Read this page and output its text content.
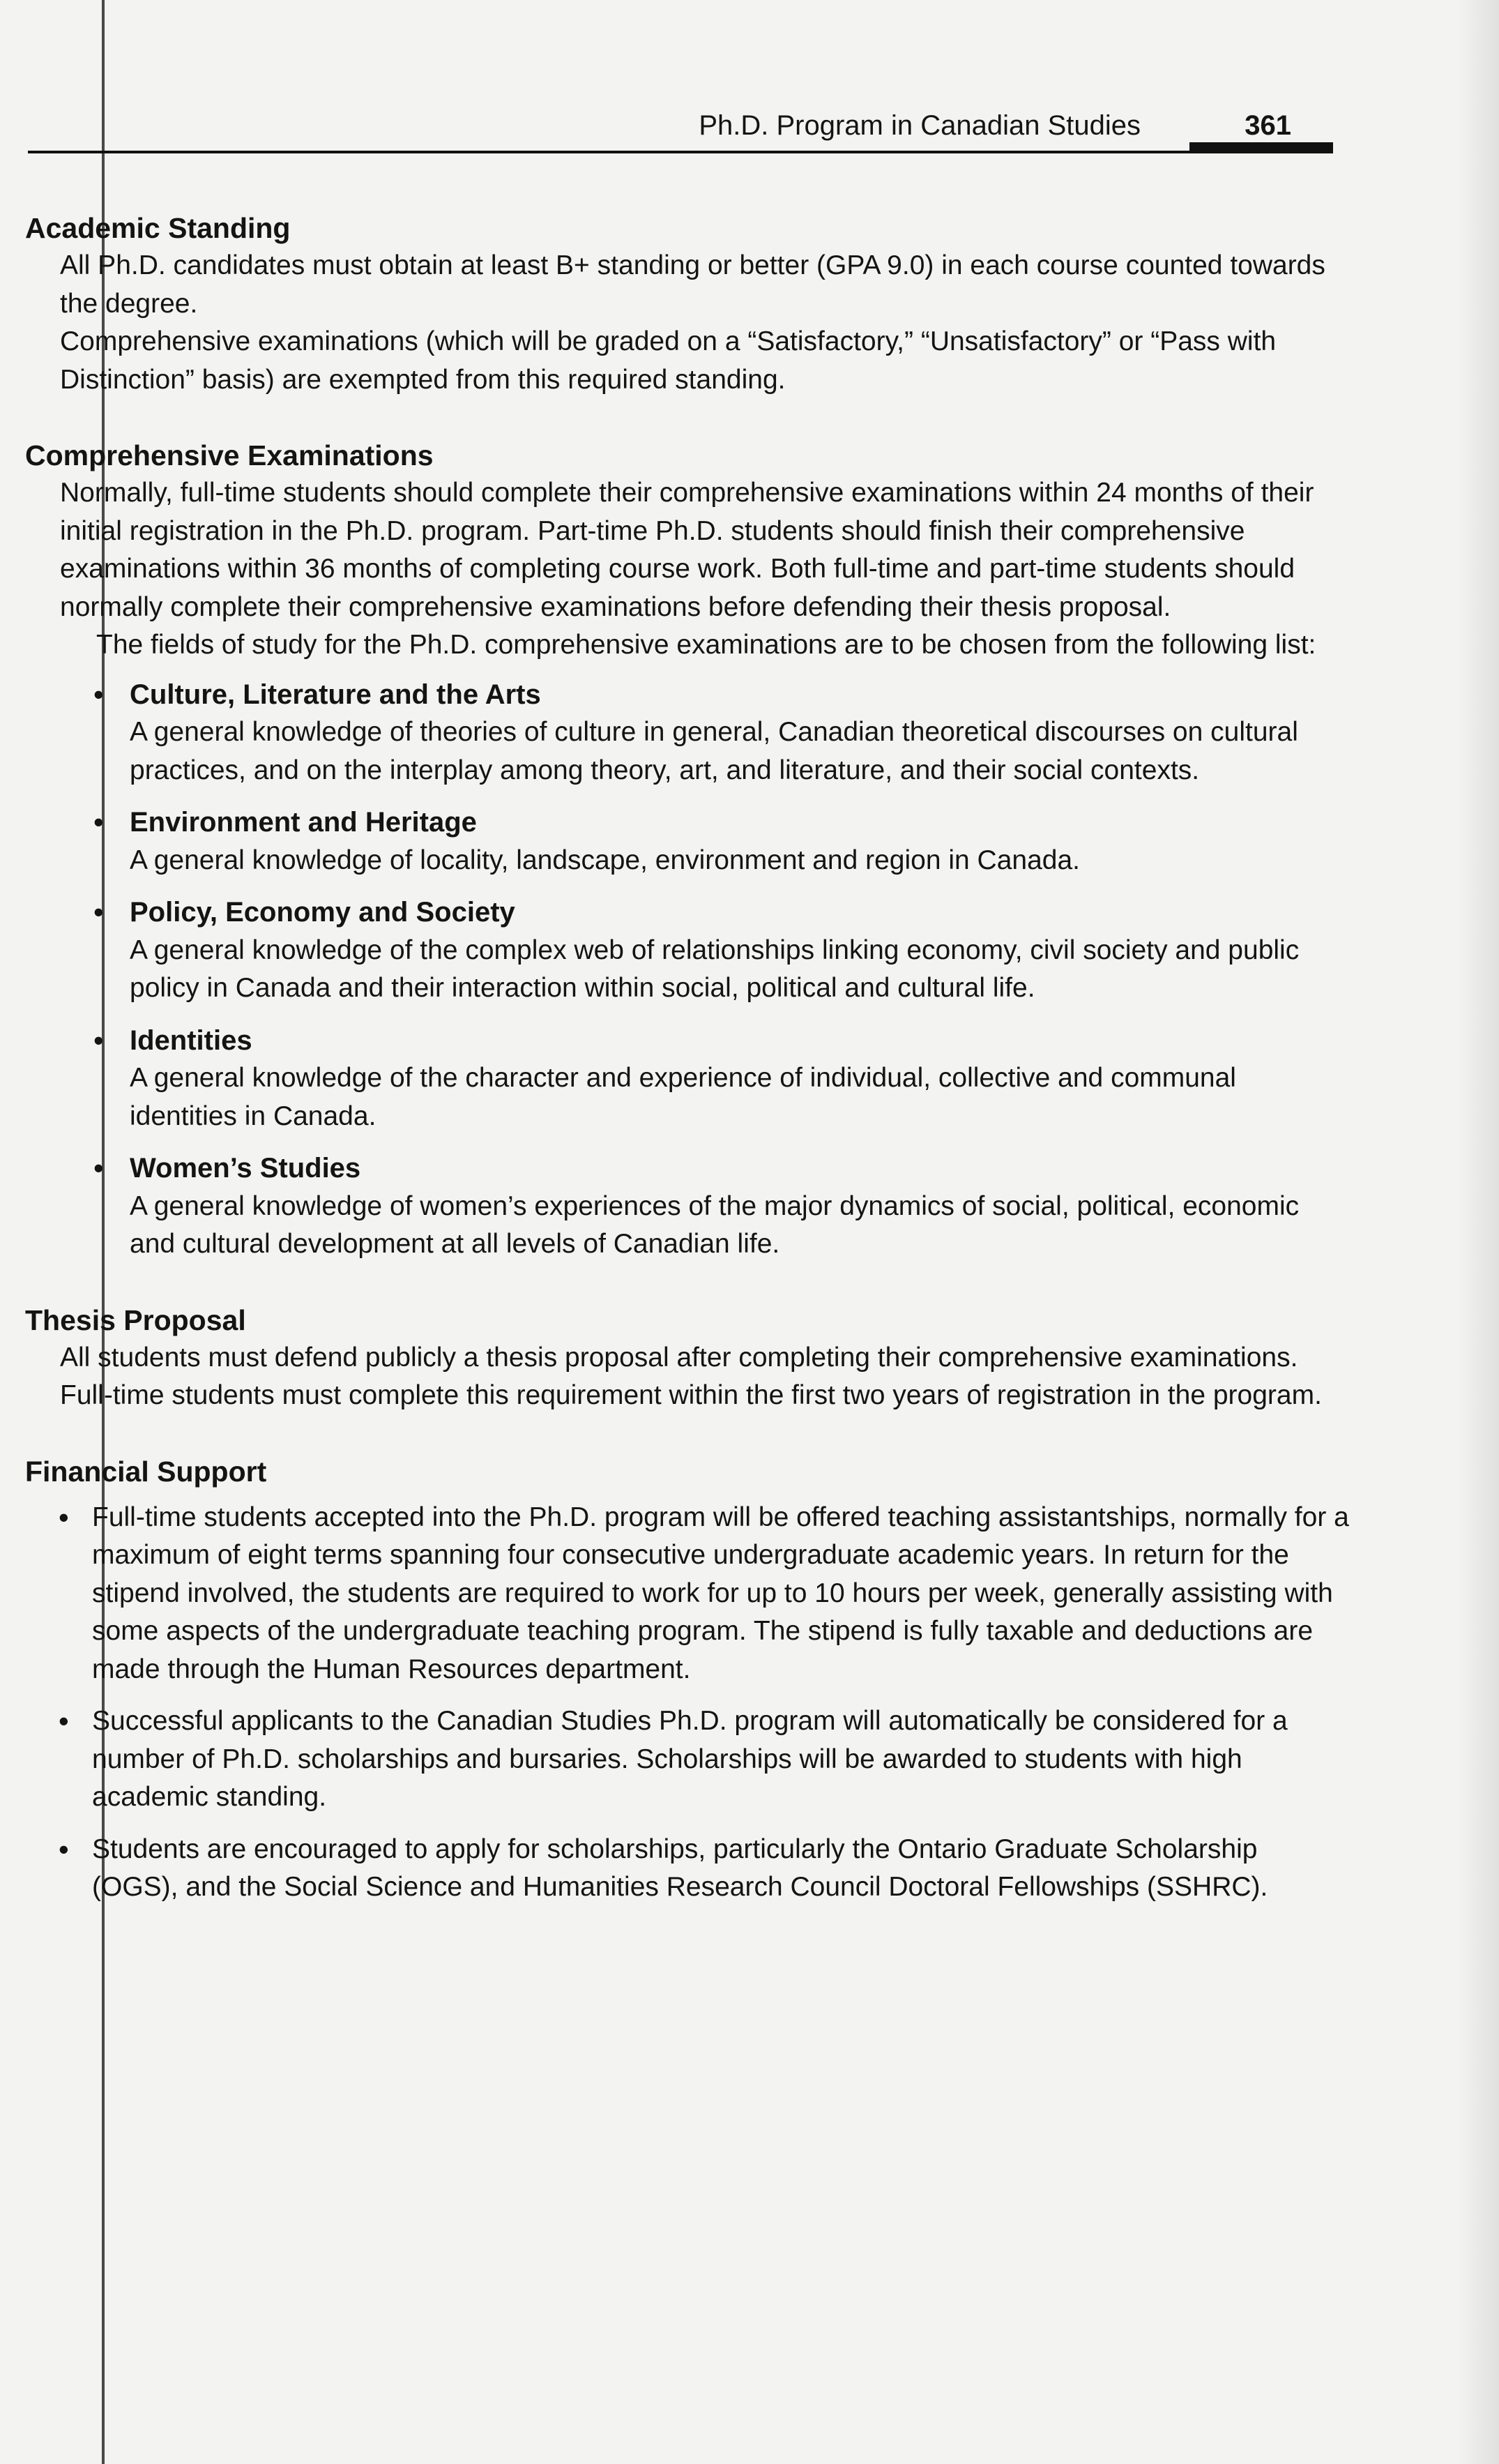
Ph.D. Program in Canadian Studies	361
Academic Standing

All Ph.D. candidates must obtain at least B+ standing or better (GPA 9.0) in each course counted towards the degree.

Comprehensive examinations (which will be graded on a “Satisfactory,” “Unsatisfactory” or “Pass with Distinction” basis) are exempted from this required standing.

Comprehensive Examinations

Normally, full-time students should complete their comprehensive examinations within 24 months of their initial registration in the Ph.D. program. Part-time Ph.D. students should finish their comprehensive examinations within 36 months of completing course work. Both full-time and part-time students should normally complete their comprehensive examinations before defending their thesis proposal.

The fields of study for the Ph.D. comprehensive examinations are to be chosen from the following list:

• Culture, Literature and the Arts
A general knowledge of theories of culture in general, Canadian theoretical discourses on cultural practices, and on the interplay among theory, art, and literature, and their social contexts.
• Environment and Heritage
A general knowledge of locality, landscape, environment and region in Canada.
• Policy, Economy and Society
A general knowledge of the complex web of relationships linking economy, civil society and public policy in Canada and their interaction within social, political and cultural life.
• Identities
A general knowledge of the character and experience of individual, collective and communal identities in Canada.
• Women’s Studies
A general knowledge of women’s experiences of the major dynamics of social, political, economic and cultural development at all levels of Canadian life.
Thesis Proposal

All students must defend publicly a thesis proposal after completing their comprehensive examinations. Full-time students must complete this requirement within the first two years of registration in the program.

Financial Support
• Full-time students accepted into the Ph.D. program will be offered teaching assistantships, normally for a maximum of eight terms spanning four consecutive undergraduate academic years. In return for the stipend involved, the students are required to work for up to 10 hours per week, generally assisting with some aspects of the undergraduate teaching program. The stipend is fully taxable and deductions are made through the Human Resources department.
• Successful applicants to the Canadian Studies Ph.D. program will automatically be considered for a number of Ph.D. scholarships and bursaries. Scholarships will be awarded to students with high academic standing.
• Students are encouraged to apply for scholarships, particularly the Ontario Graduate Scholarship (OGS), and the Social Science and Humanities Research Council Doctoral Fellowships (SSHRC).
